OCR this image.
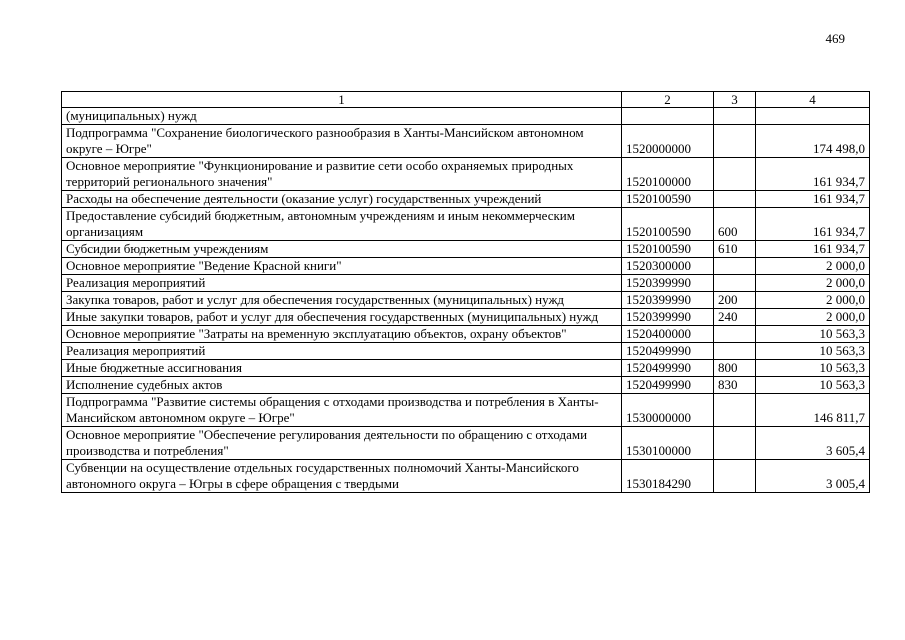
469
1	2	3	4
(муниципальных) нужд			
Подпрограмма "Сохранение биологического разнообразия в Ханты-Мансийском автономном округе – Югре"	1520000000		174 498,0
Основное мероприятие "Функционирование и развитие сети особо охраняемых природных территорий регионального значения"	1520100000		161 934,7
Расходы на обеспечение деятельности (оказание услуг) государственных учреждений	1520100590		161 934,7
Предоставление субсидий бюджетным, автономным учреждениям и иным некоммерческим организациям	1520100590	600	161 934,7
Субсидии бюджетным учреждениям	1520100590	610	161 934,7
Основное мероприятие "Ведение Красной книги"	1520300000		2 000,0
Реализация мероприятий	1520399990		2 000,0
Закупка товаров, работ и услуг для обеспечения государственных (муниципальных) нужд	1520399990	200	2 000,0
Иные закупки товаров, работ и услуг для обеспечения государственных (муниципальных) нужд	1520399990	240	2 000,0
Основное мероприятие "Затраты на временную эксплуатацию объектов, охрану объектов"	1520400000		10 563,3
Реализация мероприятий	1520499990		10 563,3
Иные бюджетные ассигнования	1520499990	800	10 563,3
Исполнение судебных актов	1520499990	830	10 563,3
Подпрограмма "Развитие системы обращения с отходами производства и потребления в Ханты-Мансийском автономном округе – Югре"	1530000000		146 811,7
Основное мероприятие "Обеспечение регулирования деятельности по обращению с отходами производства и потребления"	1530100000		3 605,4
Субвенции на осуществление отдельных государственных полномочий Ханты-Мансийского автономного округа – Югры в сфере обращения с твердыми	1530184290		3 005,4
